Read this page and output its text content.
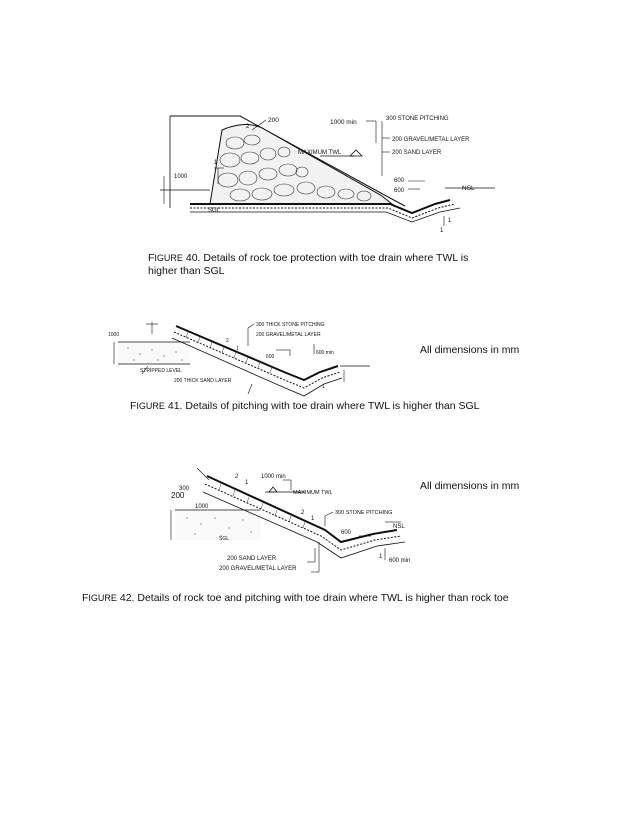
200	1000 min	300 STONE PITCHING
200 GRAVEL/METAL LAYER
200 SAND LAYER
MAXIMUM TWL
1000
600
600	NSL
SGL
2
1
1
1
FIGURE 40. Details of rock toe protection with toe drain where TWL is higher than SGL
300 THICK STONE PITCHING
200 GRAVEL/METAL LAYER
1000
600
600 min
STRIPPED LEVEL
200 THICK SAND LAYER
2
1
1
All dimensions in mm
FIGURE 41. Details of pitching with toe drain where TWL is higher than SGL
300
200
1000 min
MAXIMUM TWL
1000
300 STONE PITCHING
600
NSL
SGL
200 SAND LAYER
200 GRAVEL/METAL LAYER
600 min
2
1
2
1
1
All dimensions in mm
FIGURE 42. Details of rock toe and pitching with toe drain where TWL is higher than rock toe
